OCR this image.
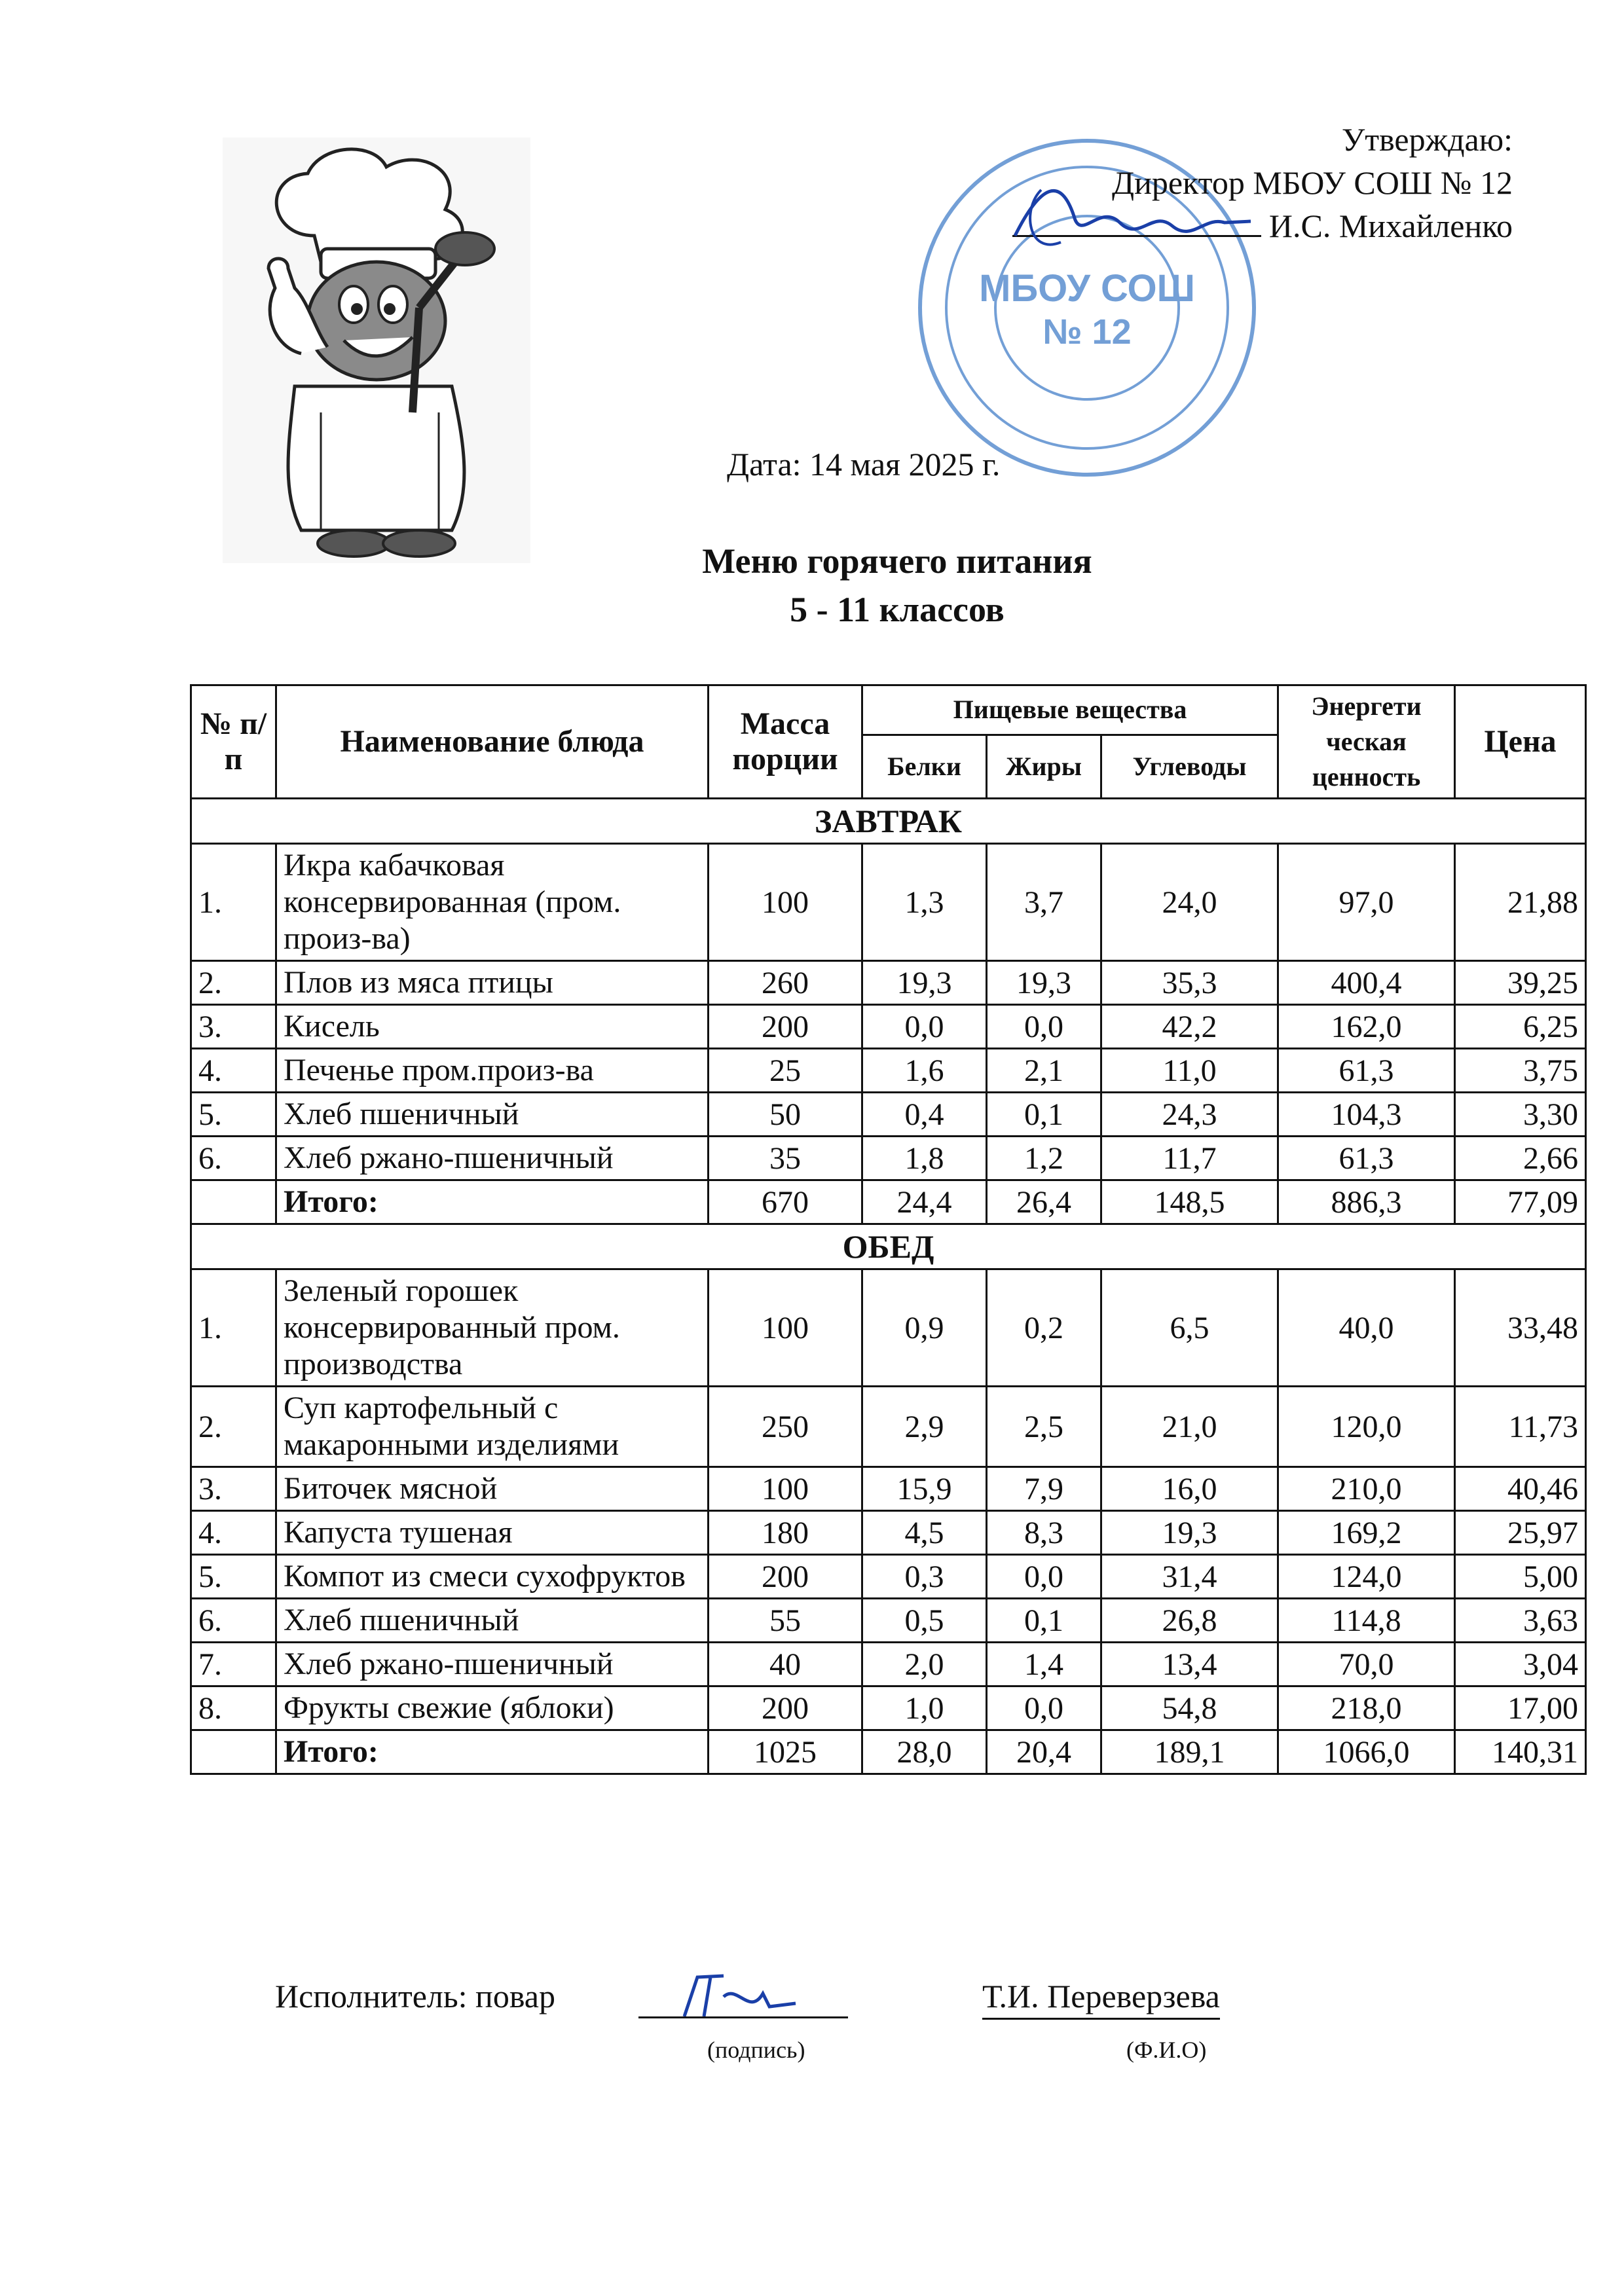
МБОУ СОШ
№ 12
Утверждаю:
Директор МБОУ СОШ № 12
И.С. Михайленко
Дата: 14 мая 2025 г.
Меню горячего питания
5 - 11 классов
№ п/п	Наименование блюда	Масса порции	Пищевые вещества			Энергети ческая ценность	Цена
			Белки	Жиры	Углеводы		
ЗАВТРАК							
1.	Икра кабачковая консервированная (пром. произ-ва)	100	1,3	3,7	24,0	97,0	21,88
2.	Плов из мяса птицы	260	19,3	19,3	35,3	400,4	39,25
3.	Кисель	200	0,0	0,0	42,2	162,0	6,25
4.	Печенье пром.произ-ва	25	1,6	2,1	11,0	61,3	3,75
5.	Хлеб пшеничный	50	0,4	0,1	24,3	104,3	3,30
6.	Хлеб ржано-пшеничный	35	1,8	1,2	11,7	61,3	2,66
	Итого:	670	24,4	26,4	148,5	886,3	77,09
ОБЕД							
1.	Зеленый горошек консервированный пром. производства	100	0,9	0,2	6,5	40,0	33,48
2.	Суп картофельный с макаронными изделиями	250	2,9	2,5	21,0	120,0	11,73
3.	Биточек мясной	100	15,9	7,9	16,0	210,0	40,46
4.	Капуста тушеная	180	4,5	8,3	19,3	169,2	25,97
5.	Компот из смеси сухофруктов	200	0,3	0,0	31,4	124,0	5,00
6.	Хлеб пшеничный	55	0,5	0,1	26,8	114,8	3,63
7.	Хлеб ржано-пшеничный	40	2,0	1,4	13,4	70,0	3,04
8.	Фрукты свежие (яблоки)	200	1,0	0,0	54,8	218,0	17,00
	Итого:	1025	28,0	20,4	189,1	1066,0	140,31
Исполнитель: повар	Т.И. Переверзева
(подпись)	(Ф.И.О)
